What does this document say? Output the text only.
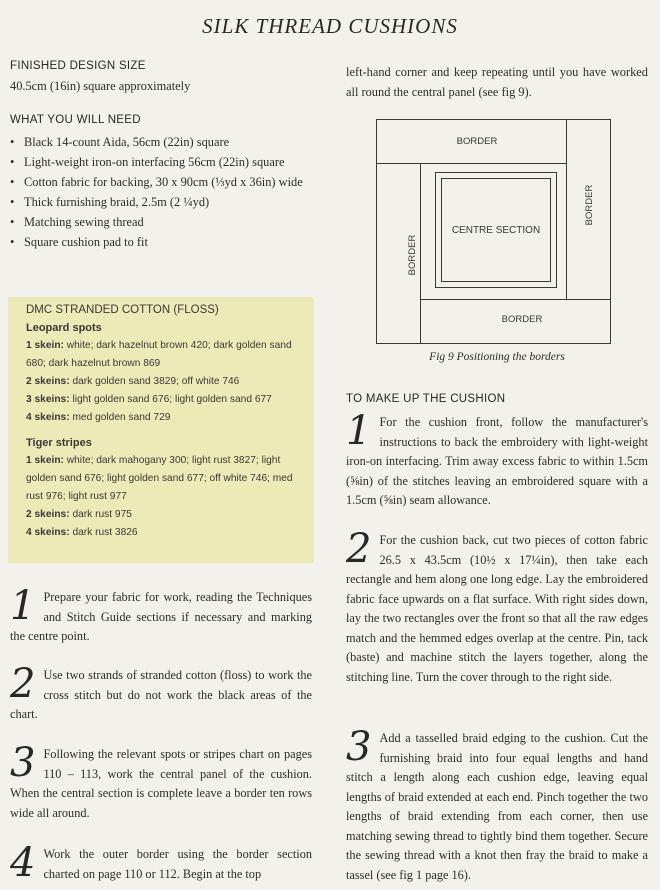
SILK THREAD CUSHIONS
FINISHED DESIGN SIZE
40.5cm (16in) square approximately
WHAT YOU WILL NEED
• Black 14-count Aida, 56cm (22in) square
• Light-weight iron-on interfacing 56cm (22in) square
• Cotton fabric for backing, 30 x 90cm (⅓yd x 36in) wide
• Thick furnishing braid, 2.5m (2 ¼yd)
• Matching sewing thread
• Square cushion pad to fit
DMC STRANDED COTTON (FLOSS)
Leopard spots
1 skein: white; dark hazelnut brown 420; dark golden sand 680; dark hazelnut brown 869
2 skeins: dark golden sand 3829; off white 746
3 skeins: light golden sand 676; light golden sand 677
4 skeins: med golden sand 729
Tiger stripes
1 skein: white; dark mahogany 300; light rust 3827; light golden sand 676; light golden sand 677; off white 746; med rust 976; light rust 977
2 skeins: dark rust 975
4 skeins: dark rust 3826
1 Prepare your fabric for work, reading the Techniques and Stitch Guide sections if necessary and marking the centre point.
2 Use two strands of stranded cotton (floss) to work the cross stitch but do not work the black areas of the chart.
3 Following the relevant spots or stripes chart on pages 110 – 113, work the central panel of the cushion. When the central section is complete leave a border ten rows wide all around.
4 Work the outer border using the border section charted on page 110 or 112. Begin at the top
left-hand corner and keep repeating until you have worked all round the central panel (see fig 9).
BORDER
BORDER
BORDER
BORDER
CENTRE SECTION
Fig 9 Positioning the borders
TO MAKE UP THE CUSHION
1 For the cushion front, follow the manufacturer's instructions to back the embroidery with light-weight iron-on interfacing. Trim away excess fabric to within 1.5cm (⅝in) of the stitches leaving an embroidered square with a 1.5cm (⅝in) seam allowance.
2 For the cushion back, cut two pieces of cotton fabric 26.5 x 43.5cm (10½ x 17¼in), then take each rectangle and hem along one long edge. Lay the embroidered fabric face upwards on a flat surface. With right sides down, lay the two rectangles over the front so that all the raw edges match and the hemmed edges overlap at the centre. Pin, tack (baste) and machine stitch the layers together, along the stitching line. Turn the cover through to the right side.
3 Add a tasselled braid edging to the cushion. Cut the furnishing braid into four equal lengths and hand stitch a length along each cushion edge, leaving equal lengths of braid extended at each end. Pinch together the two lengths of braid extending from each corner, then use matching sewing thread to tightly bind them together. Secure the sewing thread with a knot then fray the braid to make a tassel (see fig 1 page 16).
